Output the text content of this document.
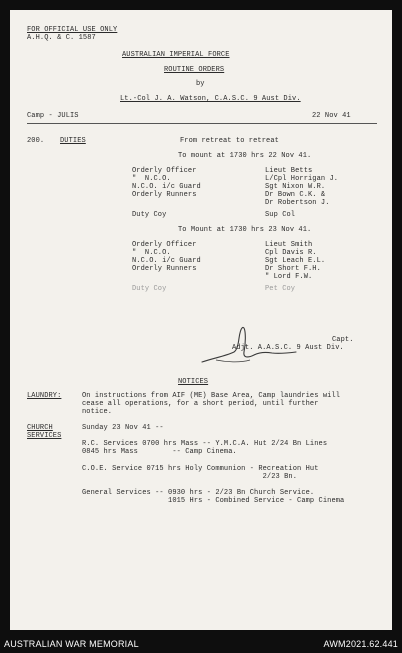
FOR OFFICIAL USE ONLY
A.H.Q. & C. 1587
AUSTRALIAN IMPERIAL FORCE
ROUTINE ORDERS
by
Lt.-Col J. A. Watson, C.A.S.C. 9 Aust Div.
Camp - JULIS	22 Nov 41
200. DUTIES	From retreat to retreat
To mount at 1730 hrs 22 Nov 41.
Orderly Officer	Lieut Betts
"  N.C.O.	L/Cpl Horrigan J.
N.C.O. i/c Guard	Sgt Nixon W.R.
Orderly Runners	Dr Bown C.K. &
Dr Robertson J.
Duty Coy	Sup Col
To Mount at 1730 hrs 23 Nov 41.
Orderly Officer	Lieut Smith
"  N.C.O.	Cpl Davis R.
N.C.O. i/c Guard	Sgt Leach E.L.
Orderly Runners	Dr Short F.H.
" Lord F.W.
Duty Coy	Pet Coy
Capt.
Adjt. A.A.S.C. 9 Aust Div.
NOTICES
LAUNDRY:	On instructions from AIF (ME) Base Area, Camp laundries will
cease all operations, for a short period, until further
notice.
CHURCH
SERVICES
Sunday 23 Nov 41 --
R.C. Services 0700 hrs Mass -- Y.M.C.A. Hut 2/24 Bn Lines
0845 hrs Mass        -- Camp Cinema.
C.O.E. Service 0715 hrs Holy Communion - Recreation Hut
2/23 Bn.
General Services -- 0930 hrs - 2/23 Bn Church Service.
1015 Hrs - Combined Service - Camp Cinema
AUSTRALIAN WAR MEMORIAL	AWM2021.62.441
